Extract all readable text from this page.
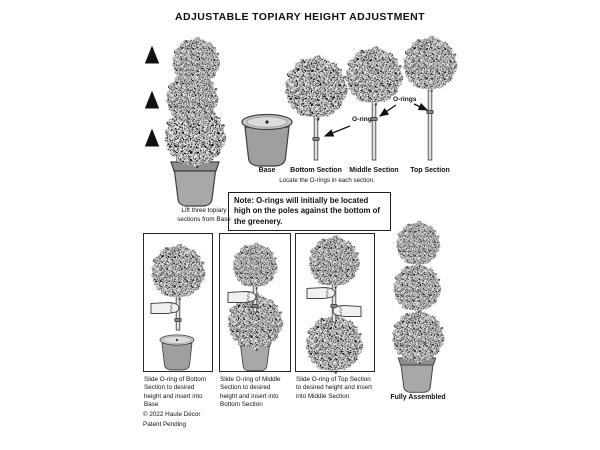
ADJUSTABLE TOPIARY HEIGHT ADJUSTMENT
Lift three topiary sections from Base
Base Bottom Section Middle Section Top Section
O-ring
O-rings
Locate the O-rings in each section.
Note: O-rings will initially be located high on the poles against the bottom of the greenery.
Slide O-ring of Bottom Section to desired height and insert into Base
Slide O-ring of Middle Section to desired height and insert into Bottom Section
Slide O-ring of Top Section to desired height and insert into Middle Section	Fully Assembled
© 2022 Haute Décor
Patent Pending
